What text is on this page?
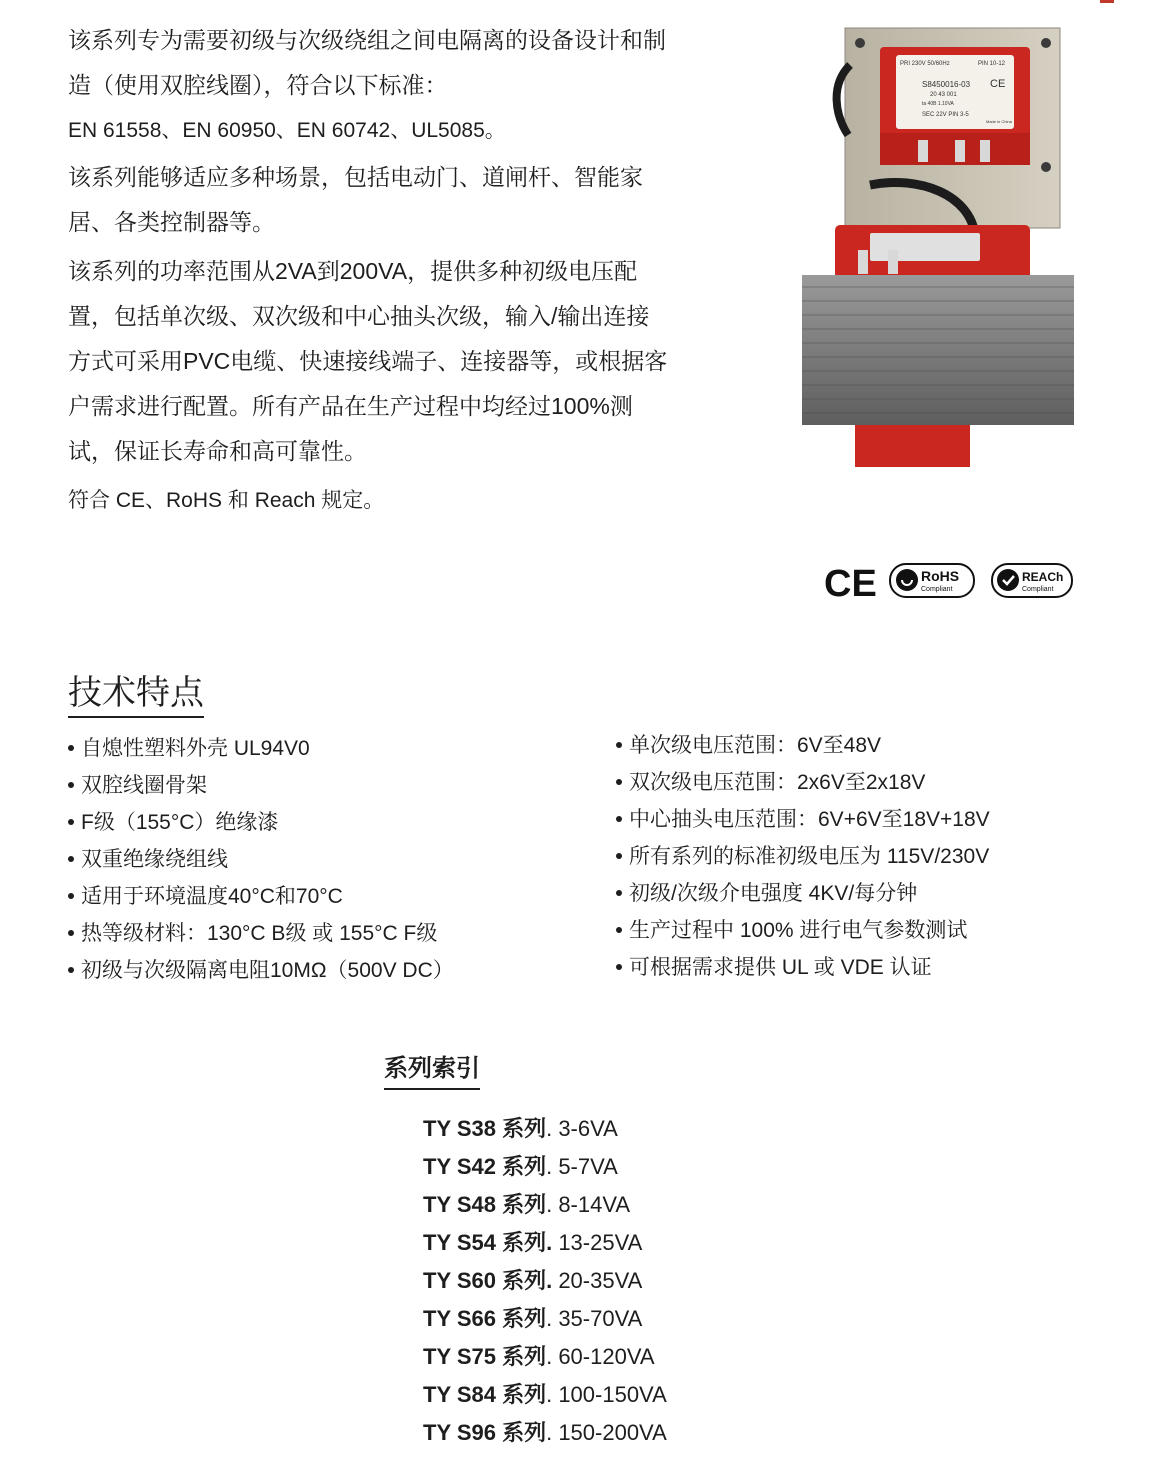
该系列专为需要初级与次级绕组之间电隔离的设备设计和制

造（使用双腔线圈），符合以下标准：

EN 61558、EN 60950、EN 60742、UL5085。

该系列能够适应多种场景，包括电动门、道闸杆、智能家

居、各类控制器等。

该系列的功率范围从2VA到200VA，提供多种初级电压配

置，包括单次级、双次级和中心抽头次级，输入/输出连接

方式可采用PVC电缆、快速接线端子、连接器等，或根据客

户需求进行配置。所有产品在生产过程中均经过100%测

试，保证长寿命和高可靠性。

符合 CE、RoHS 和 Reach 规定。

PRI 230V 50/60Hz	PIN 10-12
S8450016-03
20 43 001
ta 40B 1.10VA
SEC 22V PIN 3-5
Made in China
CE
CE	RoHS
Compliant
REACh
Compliant
技术特点
自熄性塑料外壳 UL94V0
双腔线圈骨架
F级（155°C）绝缘漆
双重绝缘绕组线
适用于环境温度40°C和70°C
热等级材料：130°C B级 或 155°C F级
初级与次级隔离电阻10MΩ（500V DC）
单次级电压范围：6V至48V
双次级电压范围：2x6V至2x18V
中心抽头电压范围：6V+6V至18V+18V
所有系列的标准初级电压为 115V/230V
初级/次级介电强度 4KV/每分钟
生产过程中 100% 进行电气参数测试
可根据需求提供 UL 或 VDE 认证
系列索引
TY S38 系列. 3-6VA
TY S42 系列. 5-7VA
TY S48 系列. 8-14VA
TY S54 系列. 13-25VA
TY S60 系列. 20-35VA
TY S66 系列. 35-70VA
TY S75 系列. 60-120VA
TY S84 系列. 100-150VA
TY S96 系列. 150-200VA
